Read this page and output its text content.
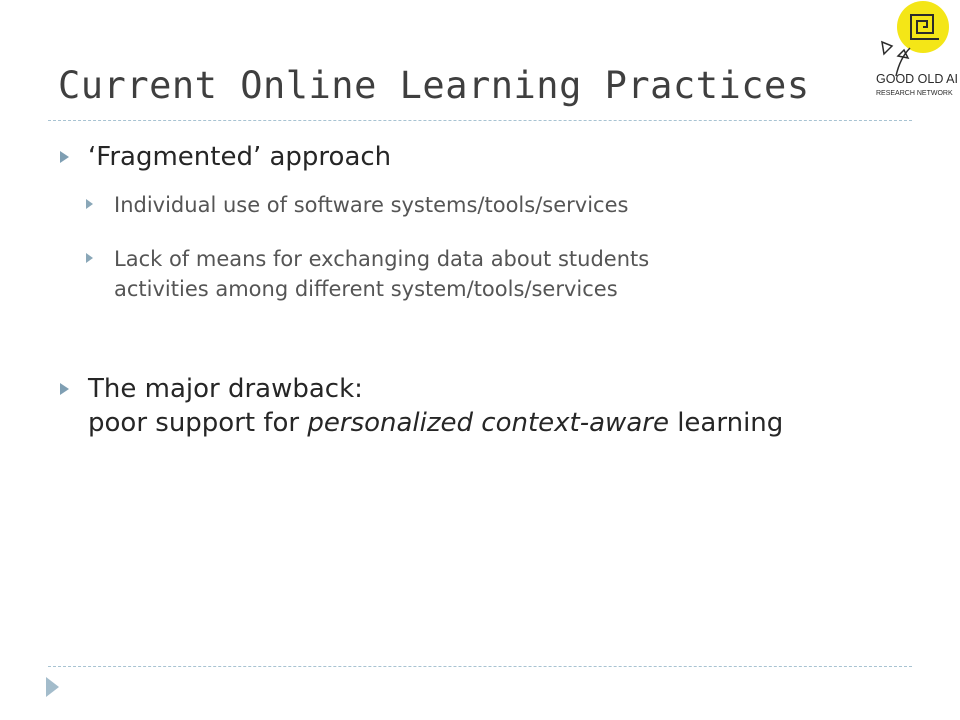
Current Online Learning Practices	GOOD OLD AI
RESEARCH NETWORK
‘Fragmented’ approach
Individual use of software systems/tools/services
Lack of means for exchanging data about students
activities among different system/tools/services
The major drawback:
poor support for personalized context-aware learning
